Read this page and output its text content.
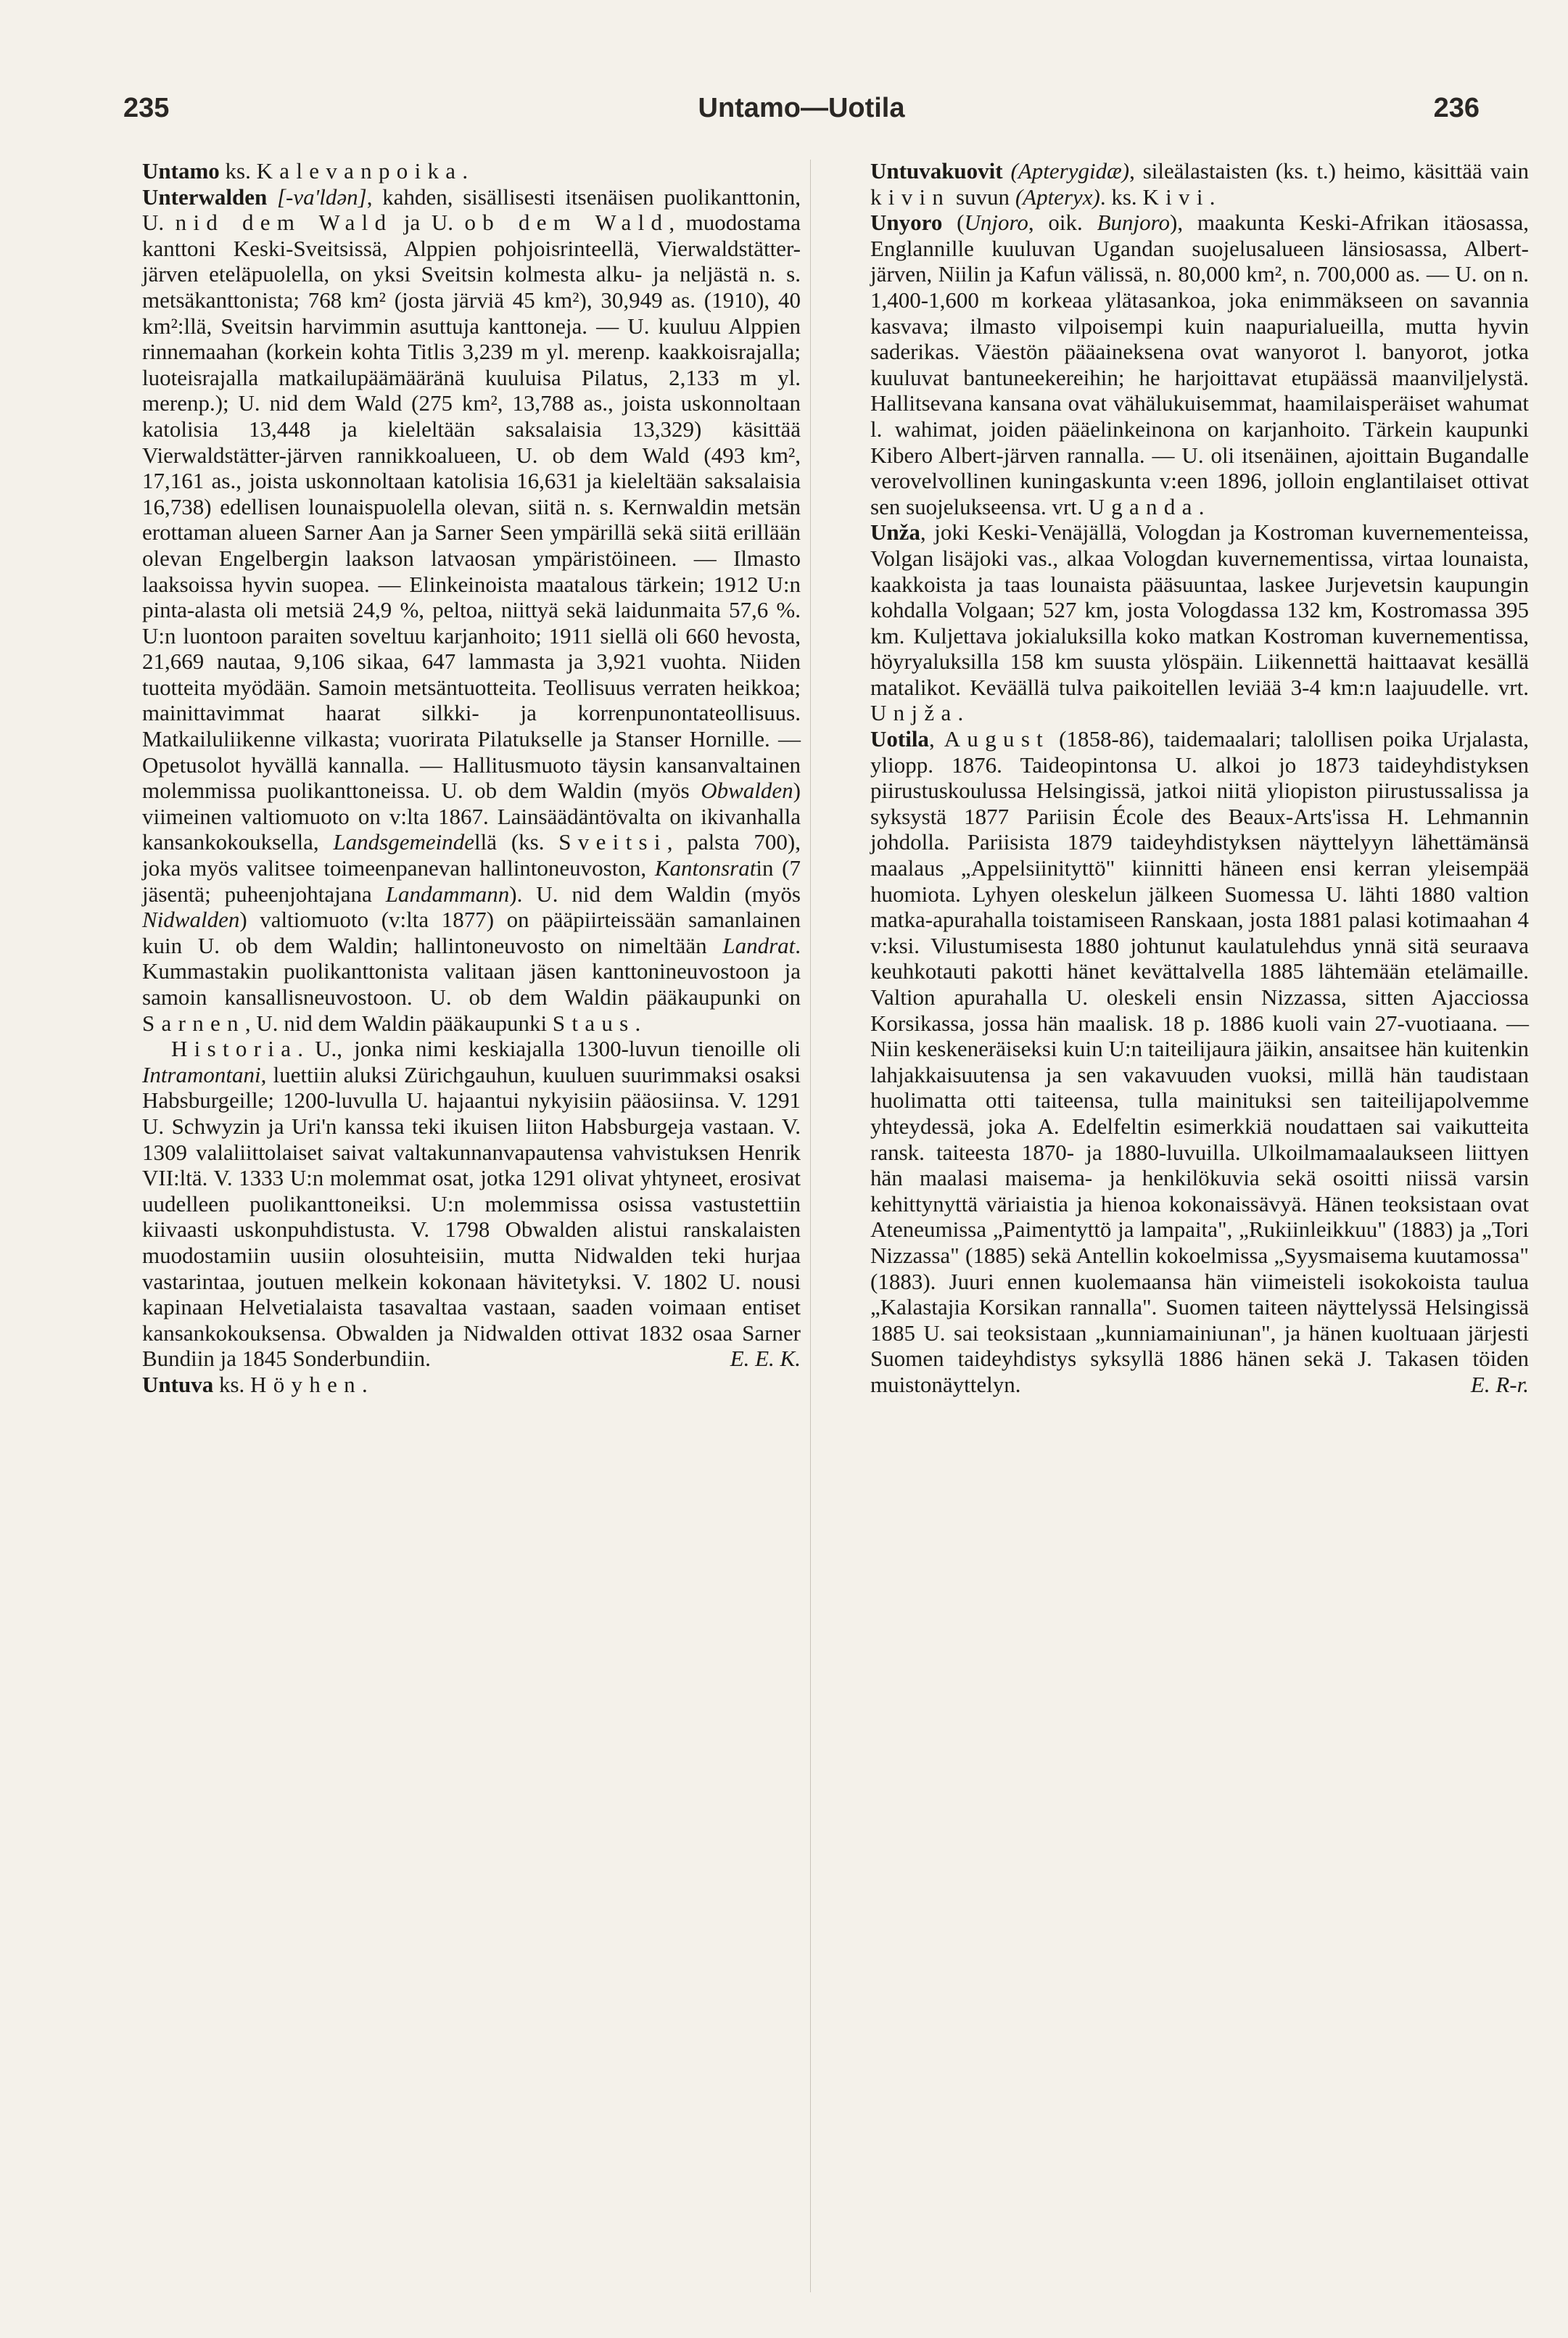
235	Untamo—Uotila	236

Untamo ks. Kalevanpoika.

Unterwalden [-va'ldən], kahden, sisällisesti itsenäisen puolikanttonin, U. nid dem Wald ja U. ob dem Wald, muodostama kanttoni Keski-Sveitsissä, Alppien pohjoisrinteellä, Vierwaldstätter-järven eteläpuolella, on yksi Sveitsin kolmesta alku- ja neljästä n. s. metsäkanttonista; 768 km² (josta järviä 45 km²), 30,949 as. (1910), 40 km²:llä, Sveitsin harvimmin asuttuja kanttoneja. — U. kuuluu Alppien rinnemaahan (korkein kohta Titlis 3,239 m yl. merenp. kaakkoisrajalla; luoteisrajalla matkailupäämääränä kuuluisa Pilatus, 2,133 m yl. merenp.); U. nid dem Wald (275 km², 13,788 as., joista uskonnoltaan katolisia 13,448 ja kieleltään saksalaisia 13,329) käsittää Vierwaldstätter-järven rannikkoalueen, U. ob dem Wald (493 km², 17,161 as., joista uskonnoltaan katolisia 16,631 ja kieleltään saksalaisia 16,738) edellisen lounaispuolella olevan, siitä n. s. Kernwaldin metsän erottaman alueen Sarner Aan ja Sarner Seen ympärillä sekä siitä erillään olevan Engelbergin laakson latvaosan ympäristöineen. — Ilmasto laaksoissa hyvin suopea. — Elinkeinoista maatalous tärkein; 1912 U:n pinta-alasta oli metsiä 24,9 %, peltoa, niittyä sekä laidunmaita 57,6 %. U:n luontoon paraiten soveltuu karjanhoito; 1911 siellä oli 660 hevosta, 21,669 nautaa, 9,106 sikaa, 647 lammasta ja 3,921 vuohta. Niiden tuotteita myödään. Samoin metsäntuotteita. Teollisuus verraten heikkoa; mainittavimmat haarat silkki- ja korrenpunontateollisuus. Matkailuliikenne vilkasta; vuorirata Pilatukselle ja Stanser Hornille. — Opetusolot hyvällä kannalla. — Hallitusmuoto täysin kansanvaltainen molemmissa puolikanttoneissa. U. ob dem Waldin (myös Obwalden) viimeinen valtiomuoto on v:lta 1867. Lainsäädäntövalta on ikivanhalla kansankokouksella, Landsgemeindellä (ks. Sveitsi, palsta 700), joka myös valitsee toimeenpanevan hallintoneuvoston, Kantonsratin (7 jäsentä; puheenjohtajana Landammann). U. nid dem Waldin (myös Nidwalden) valtiomuoto (v:lta 1877) on pääpiirteissään samanlainen kuin U. ob dem Waldin; hallintoneuvosto on nimeltään Landrat. Kummastakin puolikanttonista valitaan jäsen kanttonineuvostoon ja samoin kansallisneuvostoon. U. ob dem Waldin pääkaupunki on Sarnen, U. nid dem Waldin pääkaupunki Staus.

Historia. U., jonka nimi keskiajalla 1300-luvun tienoille oli Intramontani, luettiin aluksi Zürichgauhun, kuuluen suurimmaksi osaksi Habsburgeille; 1200-luvulla U. hajaantui nykyisiin pääosiinsa. V. 1291 U. Schwyzin ja Uri'n kanssa teki ikuisen liiton Habsburgeja vastaan. V. 1309 valaliittolaiset saivat valtakunnanvapautensa vahvistuksen Henrik VII:ltä. V. 1333 U:n molemmat osat, jotka 1291 olivat yhtyneet, erosivat uudelleen puolikanttoneiksi. U:n molemmissa osissa vastustettiin kiivaasti uskonpuhdistusta. V. 1798 Obwalden alistui ranskalaisten muodostamiin uusiin olosuhteisiin, mutta Nidwalden teki hurjaa vastarintaa, joutuen melkein kokonaan hävitetyksi. V. 1802 U. nousi kapinaan Helvetialaista tasavaltaa vastaan, saaden voimaan entiset kansankokouksensa. Obwalden ja Nidwalden ottivat 1832 osaa Sarner Bundiin ja 1845 Sonderbundiin.	E. E. K.

Untuva ks. Höyhen.

Untuvakuovit (Apterygidæ), sileälastaisten (ks. t.) heimo, käsittää vain kivin suvun (Apteryx). ks. Kivi.

Unyoro (Unjoro, oik. Bunjoro), maakunta Keski-Afrikan itäosassa, Englannille kuuluvan Ugandan suojelusalueen länsiosassa, Albert-järven, Niilin ja Kafun välissä, n. 80,000 km², n. 700,000 as. — U. on n. 1,400-1,600 m korkeaa ylätasankoa, joka enimmäkseen on savannia kasvava; ilmasto vilpoisempi kuin naapurialueilla, mutta hyvin saderikas. Väestön pääaineksena ovat wanyorot l. banyorot, jotka kuuluvat bantuneekereihin; he harjoittavat etupäässä maanviljelystä. Hallitsevana kansana ovat vähälukuisemmat, haamilaisperäiset wahumat l. wahimat, joiden pääelinkeinona on karjanhoito. Tärkein kaupunki Kibero Albert-järven rannalla. — U. oli itsenäinen, ajoittain Bugandalle verovelvollinen kuningaskunta v:een 1896, jolloin englantilaiset ottivat sen suojelukseensa. vrt. Uganda.

Unža, joki Keski-Venäjällä, Vologdan ja Kostroman kuvernementeissa, Volgan lisäjoki vas., alkaa Vologdan kuvernementissa, virtaa lounaista, kaakkoista ja taas lounaista pääsuuntaa, laskee Jurjevetsin kaupungin kohdalla Volgaan; 527 km, josta Vologdassa 132 km, Kostromassa 395 km. Kuljettava jokialuksilla koko matkan Kostroman kuvernementissa, höyryaluksilla 158 km suusta ylöspäin. Liikennettä haittaavat kesällä matalikot. Keväällä tulva paikoitellen leviää 3-4 km:n laajuudelle. vrt. Unjža.

Uotila, August (1858-86), taidemaalari; talollisen poika Urjalasta, yliopp. 1876. Taideopintonsa U. alkoi jo 1873 taideyhdistyksen piirustuskoulussa Helsingissä, jatkoi niitä yliopiston piirustussalissa ja syksystä 1877 Pariisin École des Beaux-Arts'issa H. Lehmannin johdolla. Pariisista 1879 taideyhdistyksen näyttelyyn lähettämänsä maalaus „Appelsiinityttö" kiinnitti häneen ensi kerran yleisempää huomiota. Lyhyen oleskelun jälkeen Suomessa U. lähti 1880 valtion matka-apurahalla toistamiseen Ranskaan, josta 1881 palasi kotimaahan 4 v:ksi. Vilustumisesta 1880 johtunut kaulatulehdus ynnä sitä seuraava keuhkotauti pakotti hänet kevättalvella 1885 lähtemään etelämaille. Valtion apurahalla U. oleskeli ensin Nizzassa, sitten Ajacciossa Korsikassa, jossa hän maalisk. 18 p. 1886 kuoli vain 27-vuotiaana. — Niin keskeneräiseksi kuin U:n taiteilijaura jäikin, ansaitsee hän kuitenkin lahjakkaisuutensa ja sen vakavuuden vuoksi, millä hän taudistaan huolimatta otti taiteensa, tulla mainituksi sen taiteilijapolvemme yhteydessä, joka A. Edelfeltin esimerkkiä noudattaen sai vaikutteita ransk. taiteesta 1870- ja 1880-luvuilla. Ulkoilmamaalaukseen liittyen hän maalasi maisema- ja henkilökuvia sekä osoitti niissä varsin kehittynyttä väriaistia ja hienoa kokonaissävyä. Hänen teoksistaan ovat Ateneumissa „Paimentyttö ja lampaita", „Rukiinleikkuu" (1883) ja „Tori Nizzassa" (1885) sekä Antellin kokoelmissa „Syysmaisema kuutamossa" (1883). Juuri ennen kuolemaansa hän viimeisteli isokokoista taulua „Kalastajia Korsikan rannalla". Suomen taiteen näyttelyssä Helsingissä 1885 U. sai teoksistaan „kunniamainiunan", ja hänen kuoltuaan järjesti Suomen taideyhdistys syksyllä 1886 hänen sekä J. Takasen töiden muistonäyttelyn.	E. R-r.
